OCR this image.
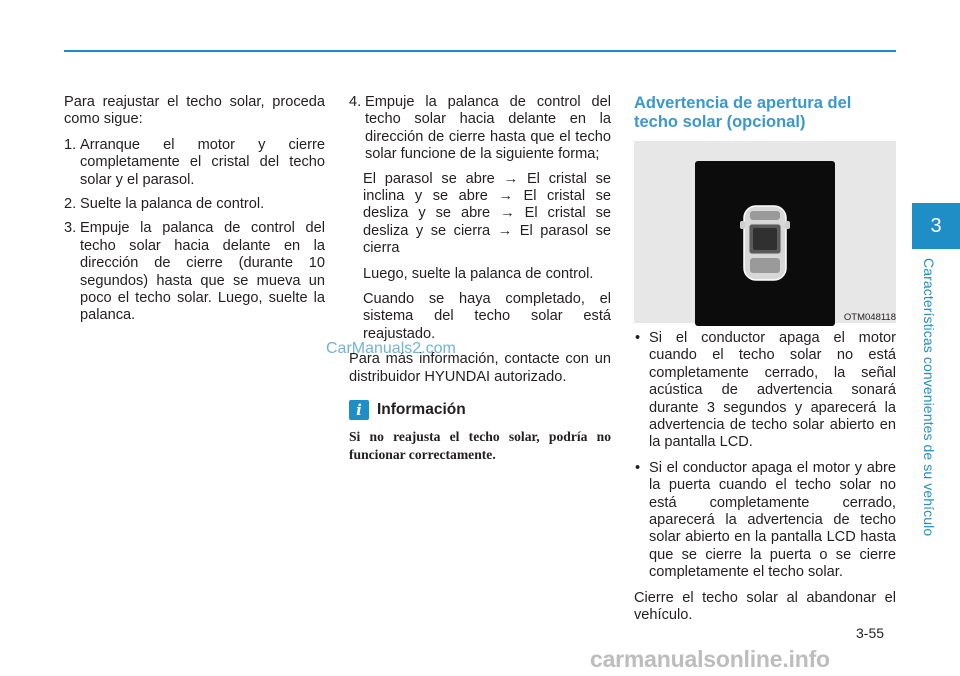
Para reajustar el techo solar, proceda como sigue:

1. Arranque el motor y cierre completamente el cristal del techo solar y el parasol.
2. Suelte la palanca de control.
3. Empuje la palanca de control del techo solar hacia delante en la dirección de cierre (durante 10 segundos) hasta que se mueva un poco el techo solar. Luego, suelte la palanca.
4. Empuje la palanca de control del techo solar hacia delante en la dirección de cierre hasta que el techo solar funcione de la siguiente forma;

El parasol se abre → El cristal se inclina y se abre → El cristal se desliza y se abre → El cristal se desliza y se cierra → El parasol se cierra

Luego, suelte la palanca de control.

Cuando se haya completado, el sistema del techo solar está reajustado.

Para más información, contacte con un distribuidor HYUNDAI autorizado.

i Información

Si no reajusta el techo solar, podría no funcionar correctamente.

Advertencia de apertura del techo solar (opcional)
OTM048118
• Si el conductor apaga el motor cuando el techo solar no está completamente cerrado, la señal acústica de advertencia sonará durante 3 segundos y aparecerá la advertencia de techo solar abierto en la pantalla LCD.
• Si el conductor apaga el motor y abre la puerta cuando el techo solar no está completamente cerrado, aparecerá la advertencia de techo solar abierto en la pantalla LCD hasta que se cierre la puerta o se cierre completamente el techo solar.

Cierre el techo solar al abandonar el vehículo.

3
Características convenientes de su vehículo
3-55
CarManuals2.com
carmanualsonline.info
